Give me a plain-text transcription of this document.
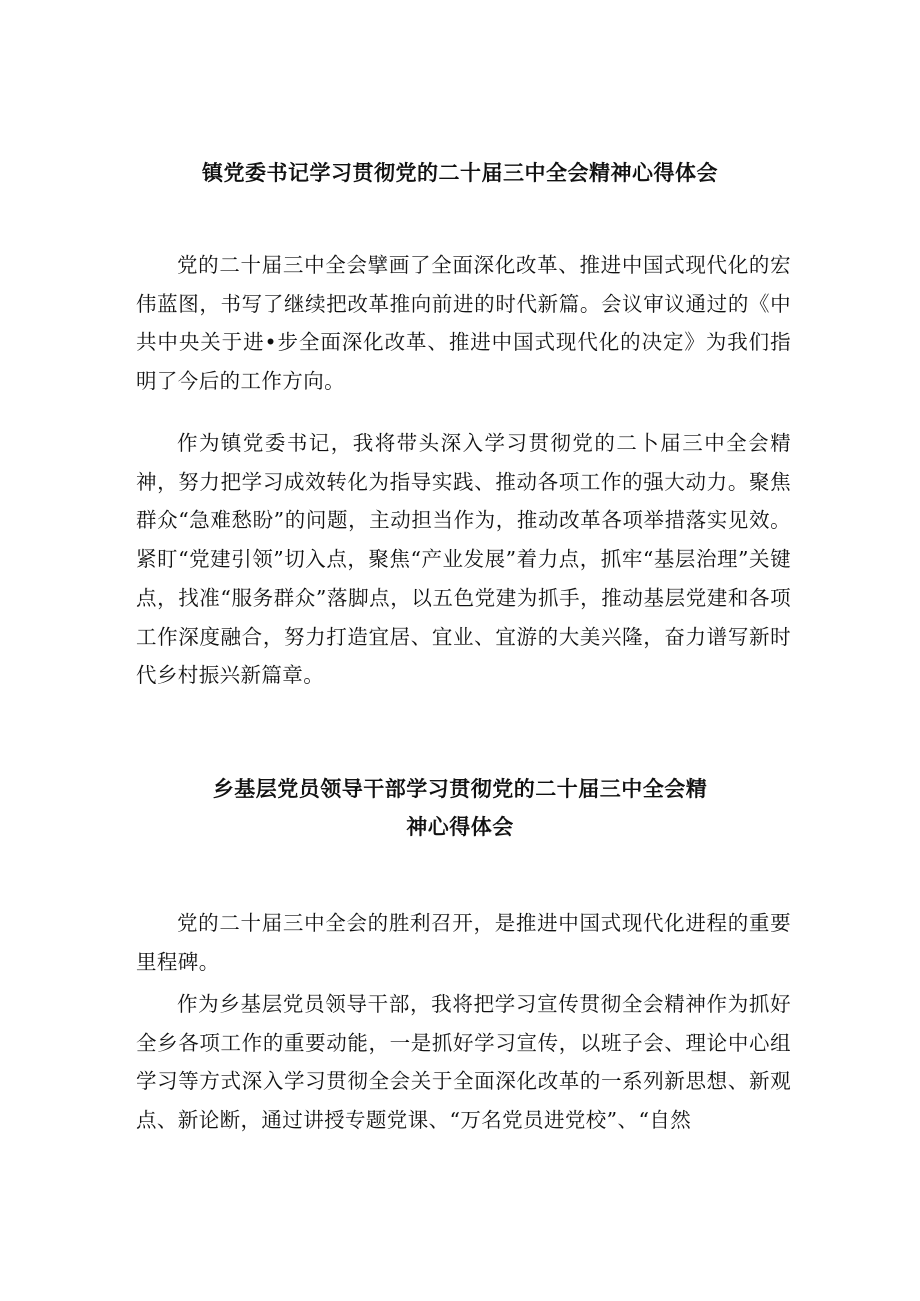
镇党委书记学习贯彻党的二十届三中全会精神心得体会

党的二十届三中全会擘画了全面深化改革、推进中国式现代化的宏伟蓝图，书写了继续把改革推向前进的时代新篇。会议审议通过的《中共中央关于进•步全面深化改革、推进中国式现代化的决定》为我们指明了今后的工作方向。

作为镇党委书记，我将带头深入学习贯彻党的二卜届三中全会精神，努力把学习成效转化为指导实践、推动各项工作的强大动力。聚焦群众“急难愁盼”的问题，主动担当作为，推动改革各项举措落实见效。紧盯“党建引领”切入点，聚焦“产业发展”着力点，抓牢“基层治理”关键点，找准“服务群众”落脚点，以五色党建为抓手，推动基层党建和各项工作深度融合，努力打造宜居、宜业、宜游的大美兴隆，奋力谱写新时代乡村振兴新篇章。

乡基层党员领导干部学习贯彻党的二十届三中全会精
神心得体会

党的二十届三中全会的胜利召开，是推进中国式现代化进程的重要里程碑。

作为乡基层党员领导干部，我将把学习宣传贯彻全会精神作为抓好全乡各项工作的重要动能，一是抓好学习宣传，以班子会、理论中心组学习等方式深入学习贯彻全会关于全面深化改革的一系列新思想、新观点、新论断，通过讲授专题党课、“万名党员进党校”、“自然
